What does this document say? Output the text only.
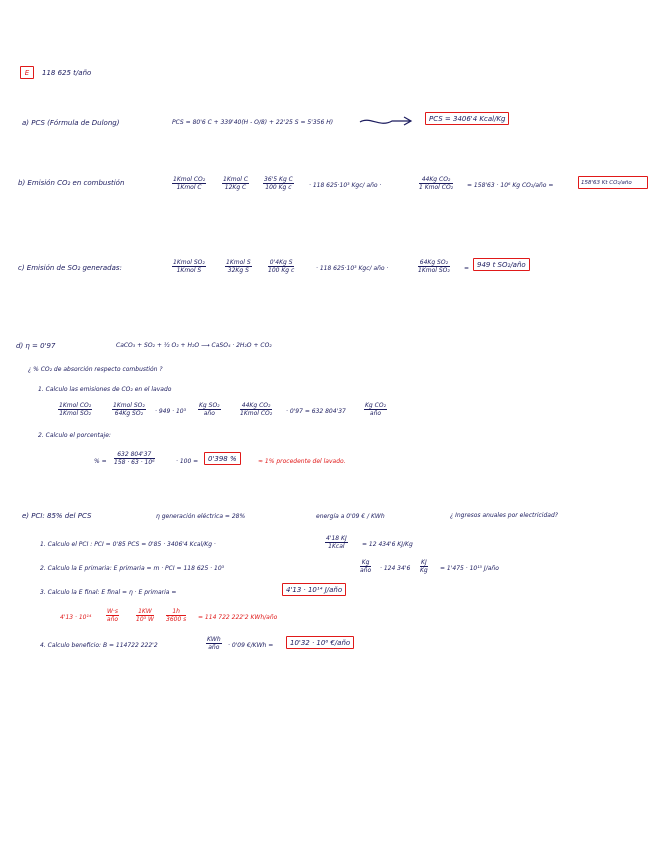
E	118 625 t/año
a) PCS (Fórmula de Dulong)	PCS = 80'6 C + 339'40(H - O/8) + 22'25 S = 5'356 H)	PCS = 3406'4 Kcal/Kg
b) Emisión CO₂ en combustión	1Kmol CO₂
1Kmol C
1Kmol C
12Kg C	$\frac{\text{36'5 Kg C}}{\text{100 Kg c}}$	· 118 625·10³ Kgc/ año ·
44Kg CO₂
1 Kmol CO₂ = 158'63 · 10⁶ Kg CO₂/año =	158'63 Kt CO₂/año
c) Emisión de SO₂ generadas:
1Kmol SO₂
1Kmol S
1Kmol S
32Kg S	$\frac{\text{0'4Kg S}}{\text{100 Kg c}}$	· 118 625·10³ Kgc/ año ·
64Kg SO₂
1Kmol SO₂ =	949 t SO₂/año
d) η = 0'97	CaCO₃ + SO₂ + ½ O₂ + H₂O ⟶ CaSO₄ · 2H₂O + CO₂
¿ % CO₂ de absorción respecto combustión ?
1. Calculo las emisiones de CO₂ en el lavado
1Kmol CO₂
1Kmol SO₂
1Kmol SO₂
64Kg SO₂	· 949 · 10³
Kg SO₂
año
44Kg CO₂
1Kmol CO₂ · 0'97 = 632 804'37
Kg CO₂
año
2. Calculo el porcentaje:
% = $\frac{632 804'37}{\text{158 · 63 · 10⁶}}$	· 100 =	0'398 %	≈ 1% procedente del lavado.
e) PCI: 85% del PCS	η generación eléctrica = 28%	energía a 0'09 € / KWh	¿ Ingresos anuales por electricidad?
1. Calculo el PCI : PCI = 0'85 PCS = 0'85 · 3406'4 Kcal/Kg ·
4'18 KJ
1Kcal	= 12 434'6 KJ/Kg
2. Calculo la E primaria: E primaria = m · PCI = 118 625 · 10³
Kg
año · 124 $34'6 \frac{KJ}{Kg} = 1'475 \cdot 10^{15}$ J/año
3. Calculo la E final: E final = η · E primaria =	4'13 · 10¹⁴ J/año
4'13 · 10¹⁴
W·s
año	$\frac{1KW}{\text{10³ W}} \frac{1h}{3600 s} = 114$ 722 222'2 KWh/año
4. Calculo beneficio: B = 114722 222'2
KWh
año	· 0'09 €/KWh =	10'32 · 10⁶ €/año
